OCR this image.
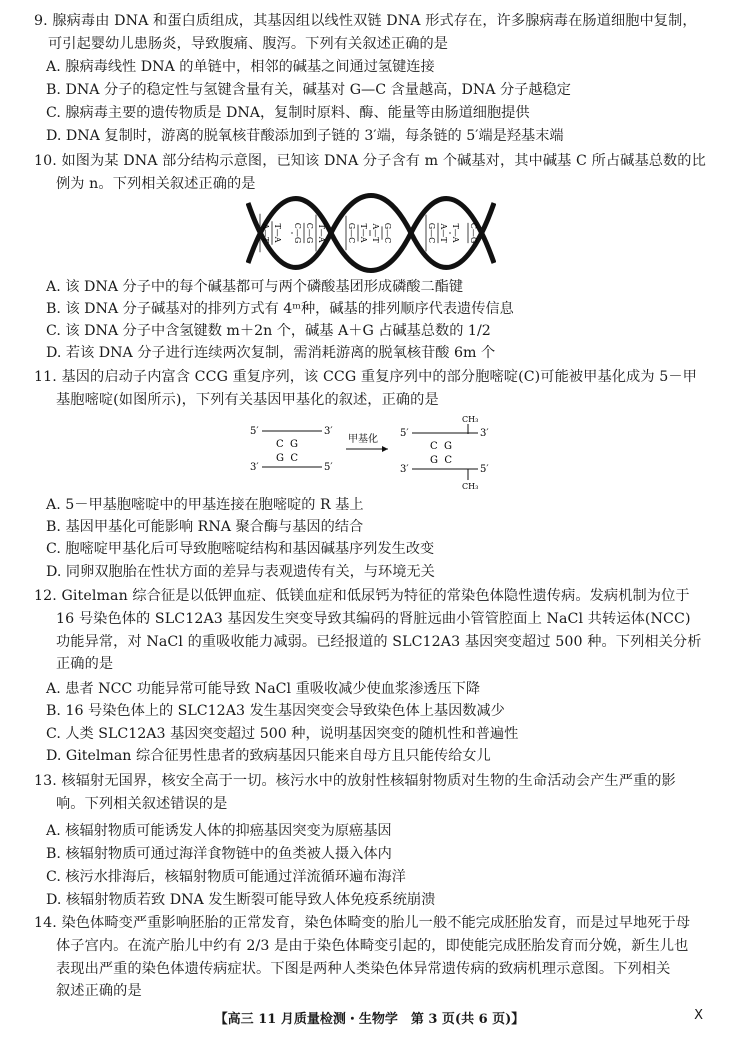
9. 腺病毒由 DNA 和蛋白质组成，其基因组以线性双链 DNA 形式存在，许多腺病毒在肠道细胞中复制，
可引起婴幼儿患肠炎，导致腹痛、腹泻。下列有关叙述正确的是
A. 腺病毒线性 DNA 的单链中，相邻的碱基之间通过氢键连接
B. DNA 分子的稳定性与氢键含量有关，碱基对 G—C 含量越高，DNA 分子越稳定
C. 腺病毒主要的遗传物质是 DNA，复制时原料、酶、能量等由肠道细胞提供
D. DNA 复制时，游离的脱氧核苷酸添加到子链的 3′端，每条链的 5′端是羟基末端
10. 如图为某 DNA 部分结构示意图，已知该 DNA 分子含有 m 个碱基对，其中碱基 C 所占碱基总数的比
例为 n。下列相关叙述正确的是
A—T T—A C—G C—G T—A	G—C T—A A—T G—C	G—C A—T T—A C—G
A. 该 DNA 分子中的每个碱基都可与两个磷酸基团形成磷酸二酯键
B. 该 DNA 分子碱基对的排列方式有 4ᵐ种，碱基的排列顺序代表遗传信息
C. 该 DNA 分子中含氢键数 m＋2n 个，碱基 A＋G 占碱基总数的 1/2
D. 若该 DNA 分子进行连续两次复制，需消耗游离的脱氧核苷酸 6m 个
11. 基因的启动子内富含 CCG 重复序列，该 CCG 重复序列中的部分胞嘧啶(C)可能被甲基化成为 5－甲
基胞嘧啶(如图所示)，下列有关基因甲基化的叙述，正确的是
5′	3′
C  G
G  C
3′	5′
甲基化
CH₃
5′	3′
C  G
G  C
3′	5′
CH₃
A. 5－甲基胞嘧啶中的甲基连接在胞嘧啶的 R 基上
B. 基因甲基化可能影响 RNA 聚合酶与基因的结合
C. 胞嘧啶甲基化后可导致胞嘧啶结构和基因碱基序列发生改变
D. 同卵双胞胎在性状方面的差异与表观遗传有关，与环境无关
12. Gitelman 综合征是以低钾血症、低镁血症和低尿钙为特征的常染色体隐性遗传病。发病机制为位于
16 号染色体的 SLC12A3 基因发生突变导致其编码的肾脏远曲小管管腔面上 NaCl 共转运体(NCC)
功能异常，对 NaCl 的重吸收能力减弱。已经报道的 SLC12A3 基因突变超过 500 种。下列相关分析
正确的是
A. 患者 NCC 功能异常可能导致 NaCl 重吸收减少使血浆渗透压下降
B. 16 号染色体上的 SLC12A3 发生基因突变会导致染色体上基因数减少
C. 人类 SLC12A3 基因突变超过 500 种，说明基因突变的随机性和普遍性
D. Gitelman 综合征男性患者的致病基因只能来自母方且只能传给女儿
13. 核辐射无国界，核安全高于一切。核污水中的放射性核辐射物质对生物的生命活动会产生严重的影
响。下列相关叙述错误的是
A. 核辐射物质可能诱发人体的抑癌基因突变为原癌基因
B. 核辐射物质可通过海洋食物链中的鱼类被人摄入体内
C. 核污水排海后，核辐射物质可能通过洋流循环遍布海洋
D. 核辐射物质若致 DNA 发生断裂可能导致人体免疫系统崩溃
14. 染色体畸变严重影响胚胎的正常发育，染色体畸变的胎儿一般不能完成胚胎发育，而是过早地死于母
体子宫内。在流产胎儿中约有 2/3 是由于染色体畸变引起的，即使能完成胚胎发育而分娩，新生儿也
表现出严重的染色体遗传病症状。下图是两种人类染色体异常遗传病的致病机理示意图。下列相关
叙述正确的是
【高三 11 月质量检测・生物学　第 3 页(共 6 页)】	X
